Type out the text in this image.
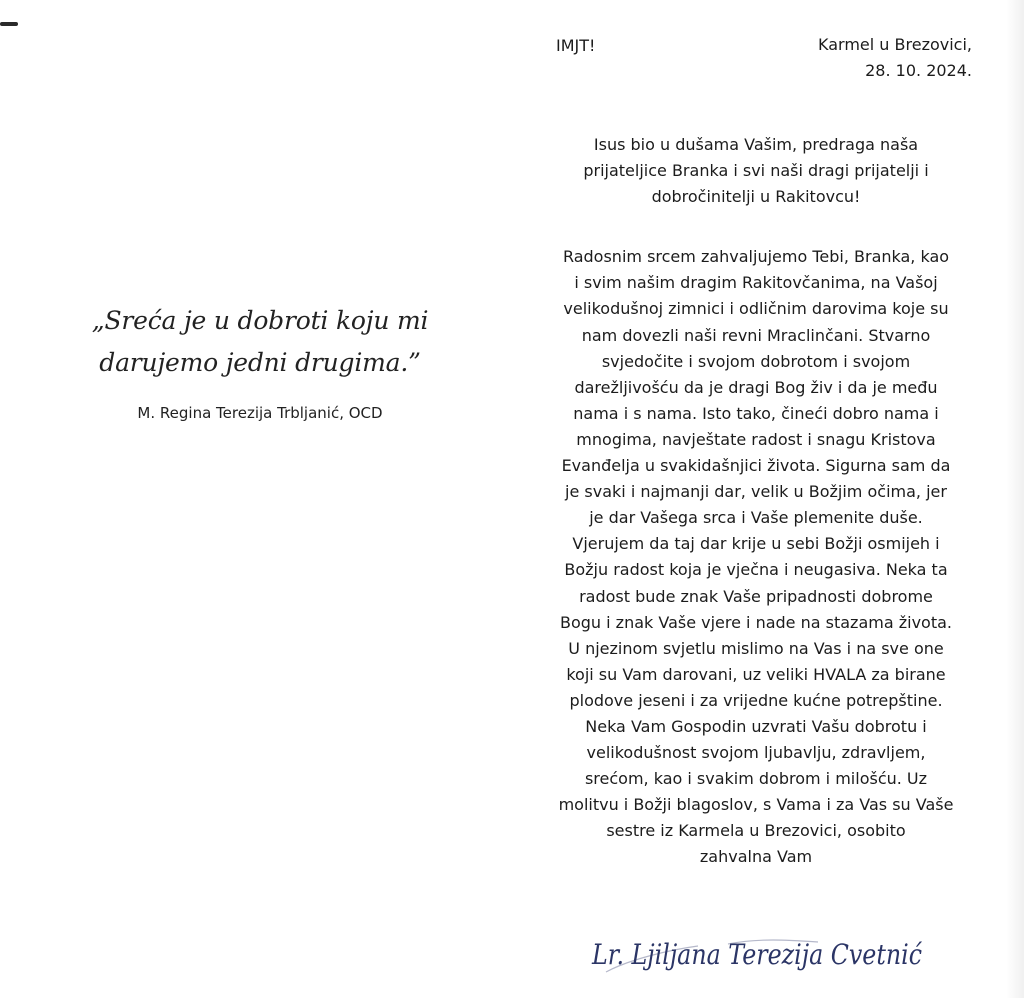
„Sreća je u dobroti koju mi
darujemo jedni drugima.”

M. Regina Terezija Trbljanić, OCD

IMJT!	Karmel u Brezovici,
28. 10. 2024.
Isus bio u dušama Vašim, predraga naša
prijateljice Branka i svi naši dragi prijatelji i
dobročinitelji u Rakitovcu!
Radosnim srcem zahvaljujemo Tebi, Branka, kao
i svim našim dragim Rakitovčanima, na Vašoj
velikodušnoj zimnici i odličnim darovima koje su
nam dovezli naši revni Mraclinčani. Stvarno
svjedočite i svojom dobrotom i svojom
darežljivošću da je dragi Bog živ i da je među
nama i s nama. Isto tako, čineći dobro nama i
mnogima, navještate radost i snagu Kristova
Evanđelja u svakidašnjici života. Sigurna sam da
je svaki i najmanji dar, velik u Božjim očima, jer
je dar Vašega srca i Vaše plemenite duše.
Vjerujem da taj dar krije u sebi Božji osmijeh i
Božju radost koja je vječna i neugasiva. Neka ta
radost bude znak Vaše pripadnosti dobrome
Bogu i znak Vaše vjere i nade na stazama života.
U njezinom svjetlu mislimo na Vas i na sve one
koji su Vam darovani, uz veliki HVALA za birane
plodove jeseni i za vrijedne kućne potrepštine.
Neka Vam Gospodin uzvrati Vašu dobrotu i
velikodušnost svojom ljubavlju, zdravljem,
srećom, kao i svakim dobrom i milošću. Uz
molitvu i Božji blagoslov, s Vama i za Vas su Vaše
sestre iz Karmela u Brezovici, osobito
zahvalna Vam
Lr. Ljiljana Terezija Cvetnić
